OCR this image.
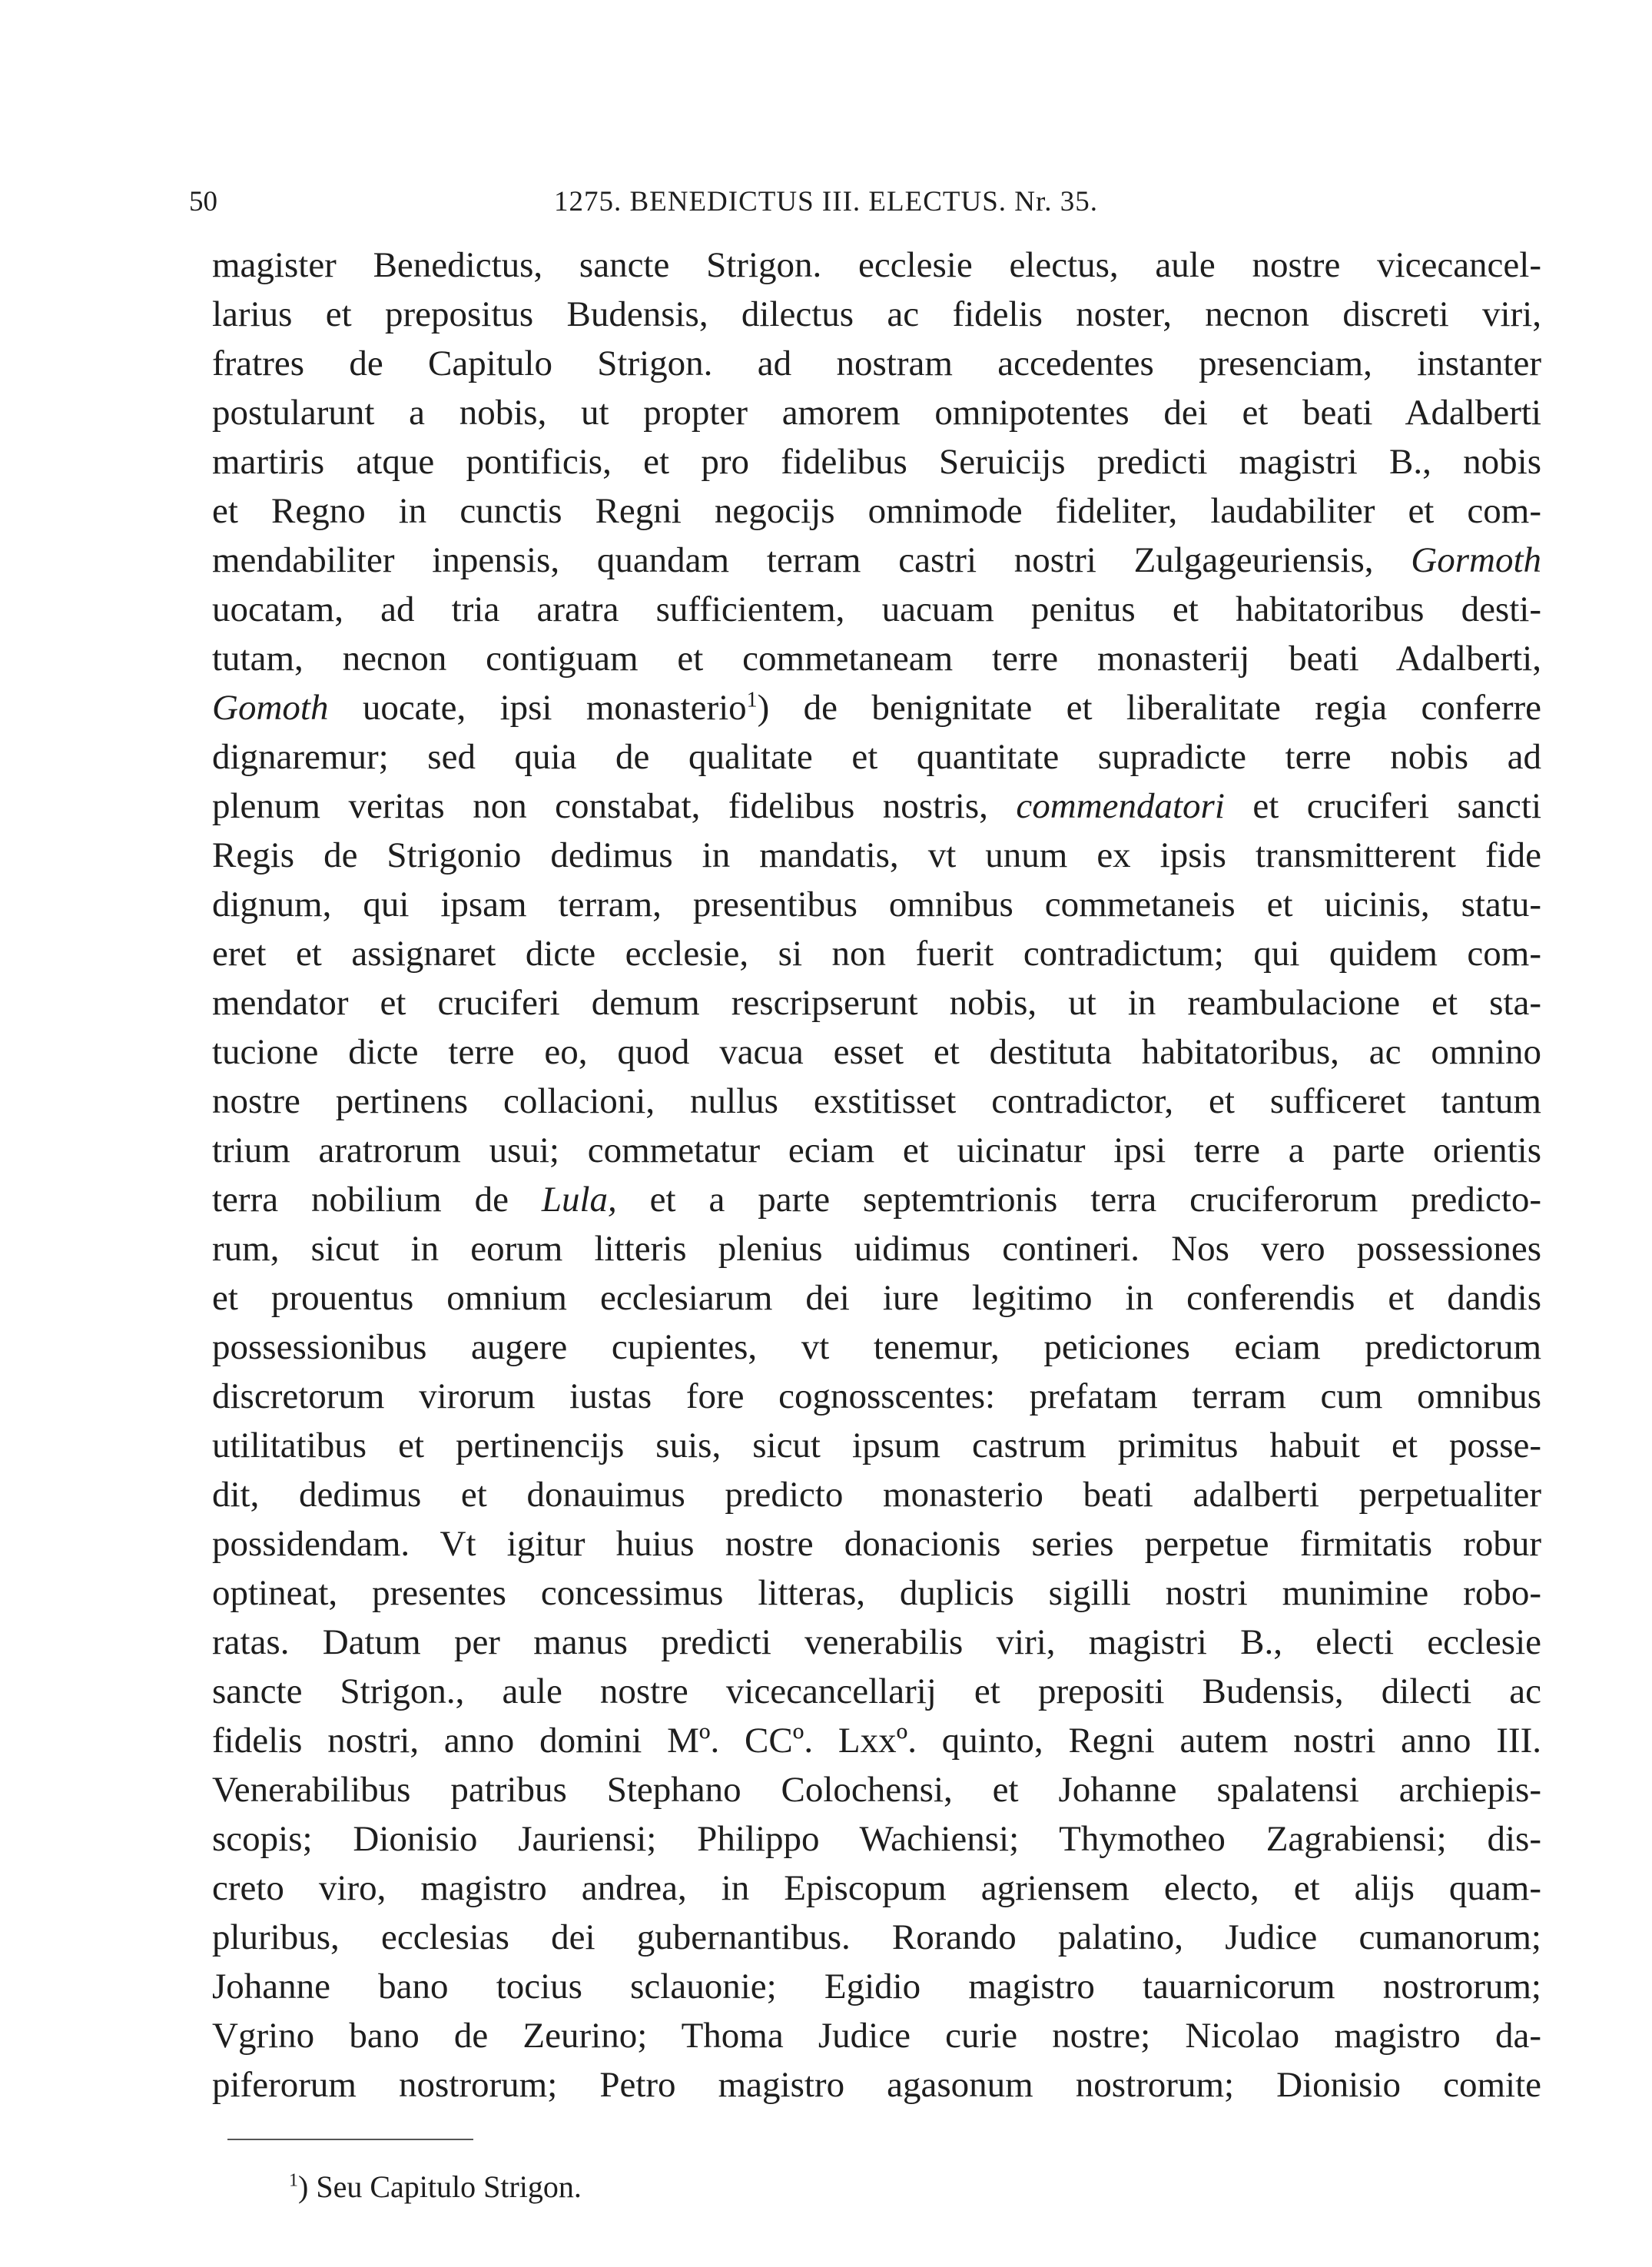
50	1275. BENEDICTUS III. ELECTUS. Nr. 35.
magister Benedictus, sancte Strigon. ecclesie electus, aule nostre vicecancel-
larius et prepositus Budensis, dilectus ac fidelis noster, necnon discreti viri,
fratres de Capitulo Strigon. ad nostram accedentes presenciam, instanter
postularunt a nobis, ut propter amorem omnipotentes dei et beati Adalberti
martiris atque pontificis, et pro fidelibus Seruicijs predicti magistri B., nobis
et Regno in cunctis Regni negocijs omnimode fideliter, laudabiliter et com-
mendabiliter inpensis, quandam terram castri nostri Zulgageuriensis, Gormoth
uocatam, ad tria aratra sufficientem, uacuam penitus et habitatoribus desti-
tutam, necnon contiguam et commetaneam terre monasterij beati Adalberti,
Gomoth uocate, ipsi monasterio$^1$) de benignitate et liberalitate regia conferre
dignaremur; sed quia de qualitate et quantitate supradicte terre nobis ad
plenum veritas non constabat, fidelibus nostris, commendatori et cruciferi sancti
Regis de Strigonio dedimus in mandatis, vt unum ex ipsis transmitterent fide
dignum, qui ipsam terram, presentibus omnibus commetaneis et uicinis, statu-
eret et assignaret dicte ecclesie, si non fuerit contradictum; qui quidem com-
mendator et cruciferi demum rescripserunt nobis, ut in reambulacione et sta-
tucione dicte terre eo, quod vacua esset et destituta habitatoribus, ac omnino
nostre pertinens collacioni, nullus exstitisset contradictor, et sufficeret tantum
trium aratrorum usui; commetatur eciam et uicinatur ipsi terre a parte orientis
terra nobilium de Lula, et a parte septemtrionis terra cruciferorum predicto-
rum, sicut in eorum litteris plenius uidimus contineri. Nos vero possessiones
et prouentus omnium ecclesiarum dei iure legitimo in conferendis et dandis
possessionibus augere cupientes, vt tenemur, peticiones eciam predictorum
discretorum virorum iustas fore cognosscentes: prefatam terram cum omnibus
utilitatibus et pertinencijs suis, sicut ipsum castrum primitus habuit et posse-
dit, dedimus et donauimus predicto monasterio beati adalberti perpetualiter
possidendam. Vt igitur huius nostre donacionis series perpetue firmitatis robur
optineat, presentes concessimus litteras, duplicis sigilli nostri munimine robo-
ratas. Datum per manus predicti venerabilis viri, magistri B., electi ecclesie
sancte Strigon., aule nostre vicecancellarij et prepositi Budensis, dilecti ac
fidelis nostri, anno domini Mº. CCº. Lxxº. quinto, Regni autem nostri anno III.
Venerabilibus patribus Stephano Colochensi, et Johanne spalatensi archiepis-
scopis; Dionisio Jauriensi; Philippo Wachiensi; Thymotheo Zagrabiensi; dis-
creto viro, magistro andrea, in Episcopum agriensem electo, et alijs quam-
pluribus, ecclesias dei gubernantibus. Rorando palatino, Judice cumanorum;
Johanne bano tocius sclauonie; Egidio magistro tauarnicorum nostrorum;
Vgrino bano de Zeurino; Thoma Judice curie nostre; Nicolao magistro da-
piferorum nostrorum; Petro magistro agasonum nostrorum; Dionisio comite
$^1$) Seu Capitulo Strigon.
